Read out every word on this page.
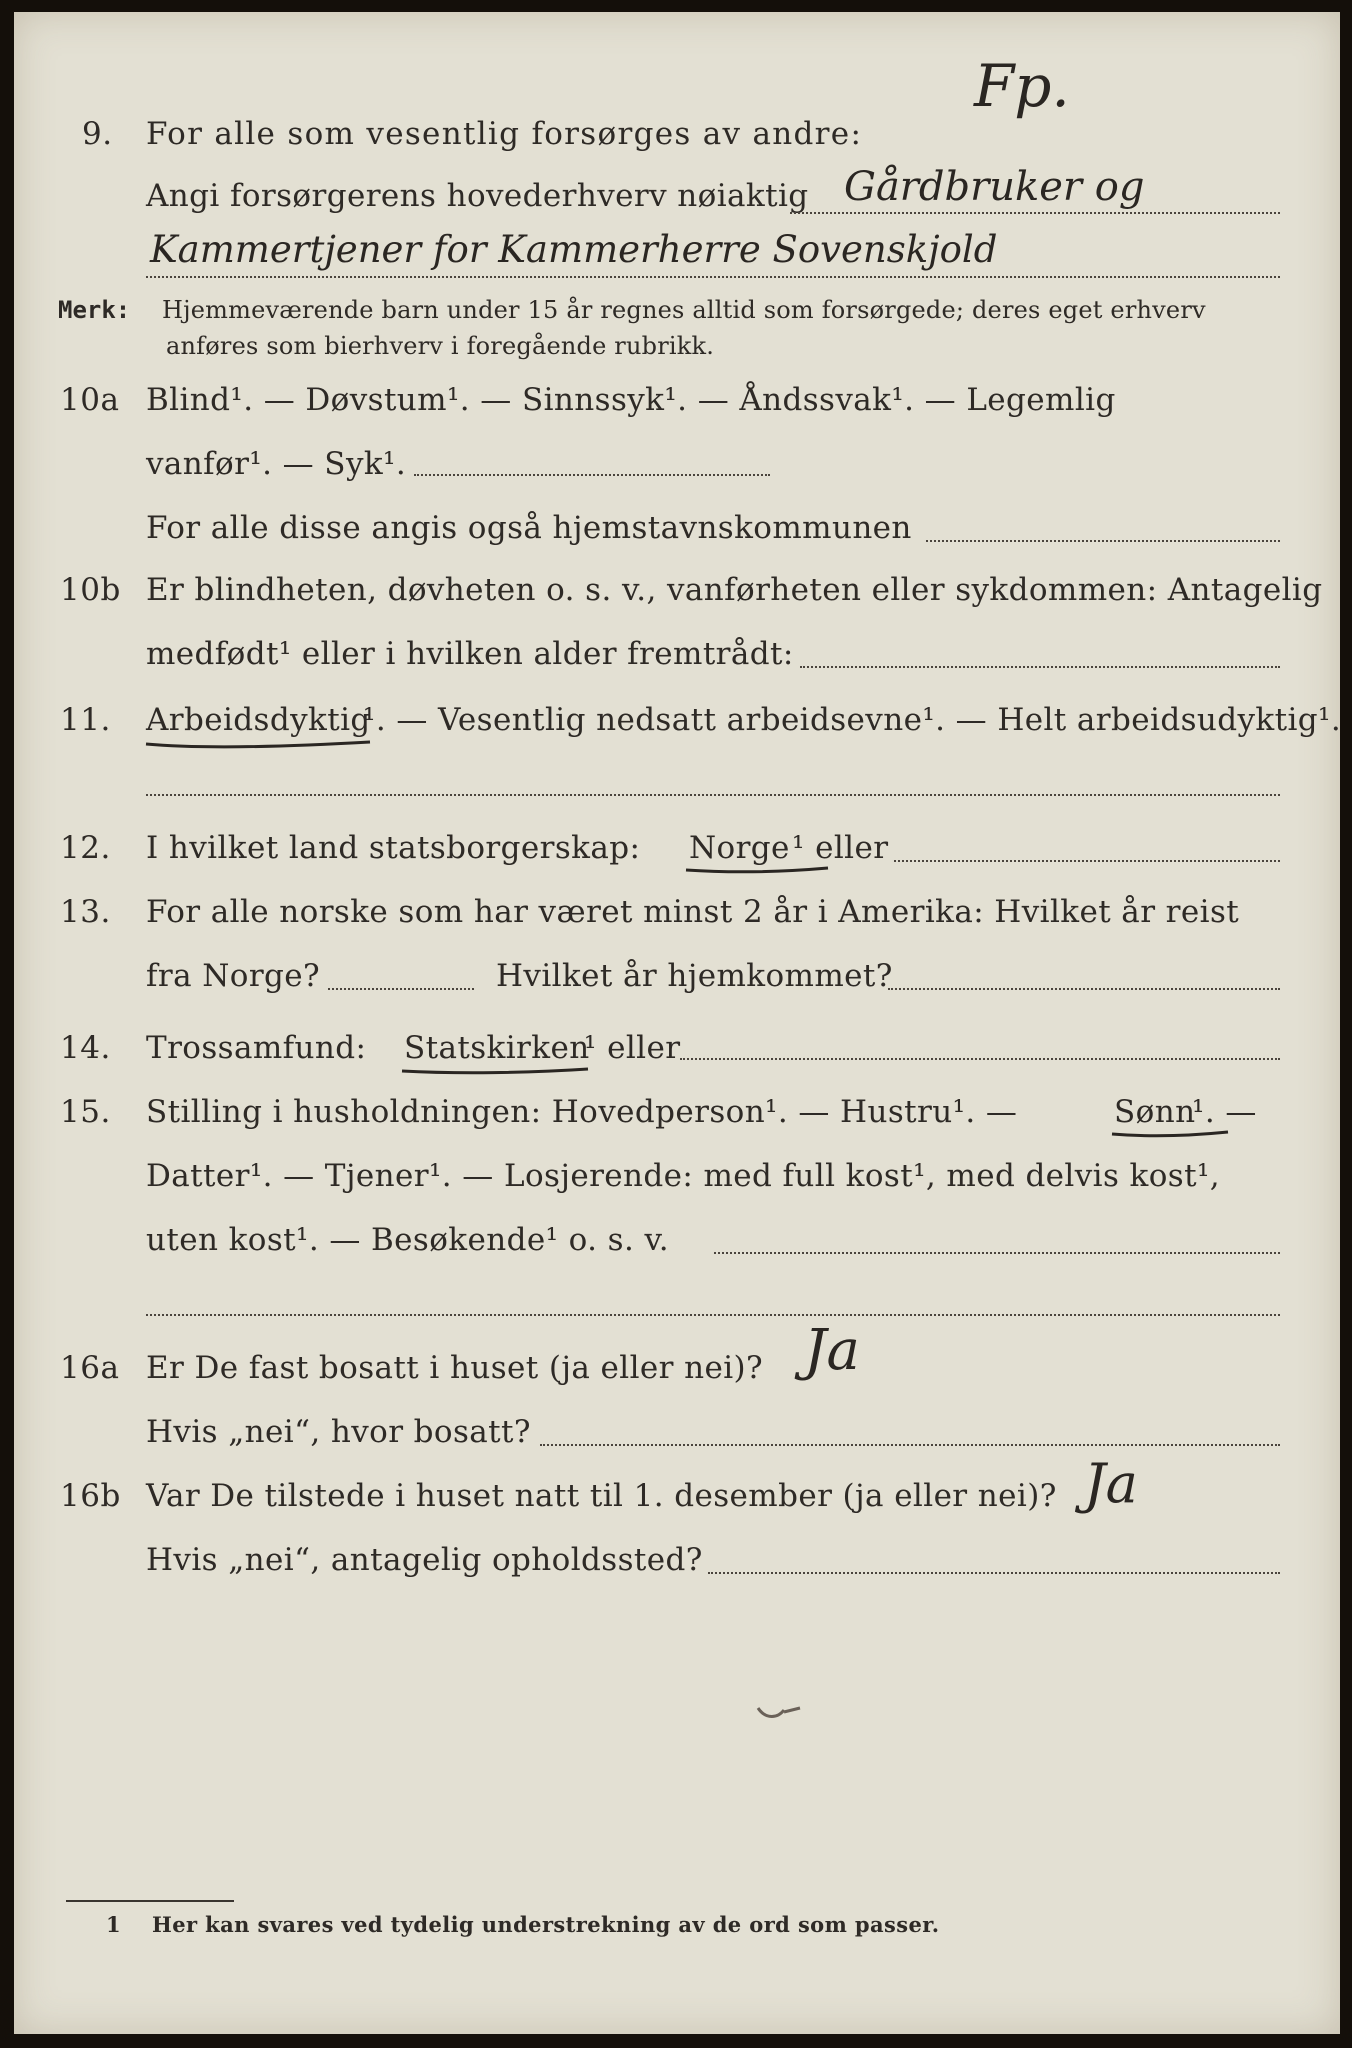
9. For alle som vesentlig forsørges av andre:
Fp.
Angi forsørgerens hovederhverv nøiaktig Gårdbruker og
Kammertjener for Kammerherre Sovenskjold
Merk: Hjemmeværende barn under 15 år regnes alltid som forsørgede; deres eget erhverv
anføres som bierhverv i foregående rubrikk.
10a Blind¹. — Døvstum¹. — Sinnssyk¹. — Åndssvak¹. — Legemlig
vanfør¹. — Syk¹.
For alle disse angis også hjemstavnskommunen
10b Er blindheten, døvheten o. s. v., vanførheten eller sykdommen: Antagelig
medfødt¹ eller i hvilken alder fremtrådt:
11. Arbeidsdyktig
¹. — Vesentlig nedsatt arbeidsevne¹. — Helt arbeidsudyktig¹.
12. I hvilket land statsborgerskap: Norge ¹ eller
13. For alle norske som har været minst 2 år i Amerika: Hvilket år reist
fra Norge?	Hvilket år hjemkommet?
14. Trossamfund: Statskirken
¹ eller
15. Stilling i husholdningen: Hovedperson¹. — Hustru¹. —	Sønn
¹. —
Datter¹. — Tjener¹. — Losjerende: med full kost¹, med delvis kost¹,
uten kost¹. — Besøkende¹ o. s. v.
16a Er De fast bosatt i huset (ja eller nei)? Ja
Hvis „nei“, hvor bosatt?
16b Var De tilstede i huset natt til 1. desember (ja eller nei)? Ja
Hvis „nei“, antagelig opholdssted?
1 Her kan svares ved tydelig understrekning av de ord som passer.
